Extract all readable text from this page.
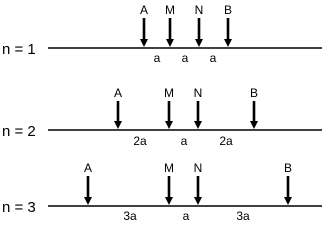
n = 1
A M N B
a a a
n = 2
A	M N	B
2a	a	2a
n = 3
A	M N	B
3a	a	3a
